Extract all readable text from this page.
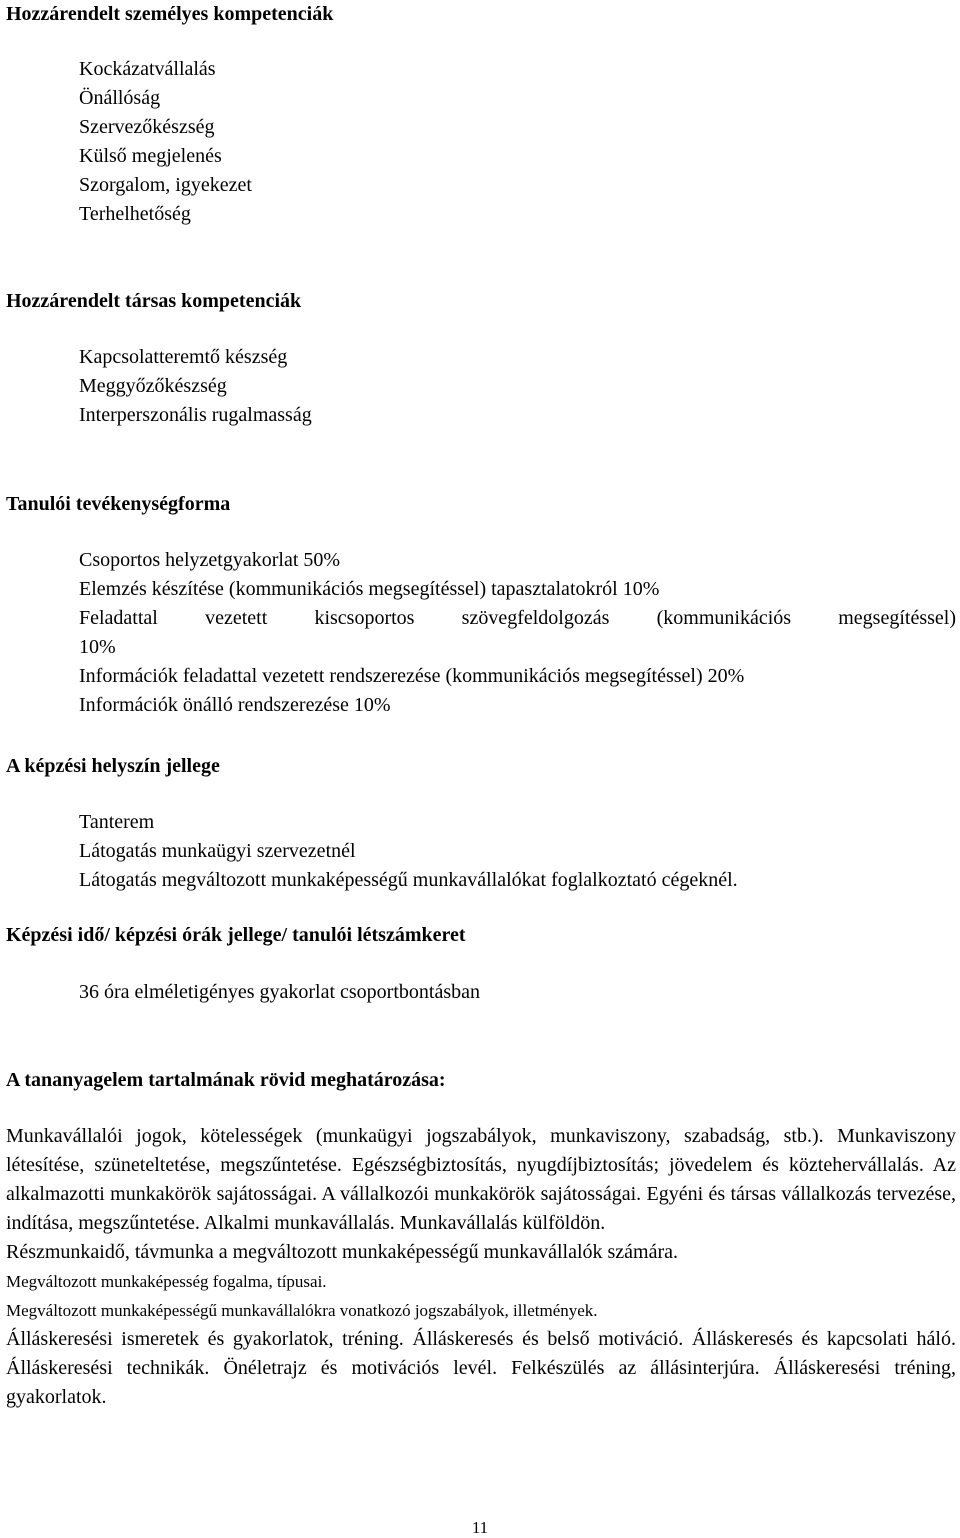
Hozzárendelt személyes kompetenciák
Kockázatvállalás
Önállóság
Szervezőkészség
Külső megjelenés
Szorgalom, igyekezet
Terhelhetőség
Hozzárendelt társas kompetenciák
Kapcsolatteremtő készség
Meggyőzőkészség
Interperszonális rugalmasság
Tanulói tevékenységforma
Csoportos helyzetgyakorlat 50%
Elemzés készítése (kommunikációs megsegítéssel) tapasztalatokról 10%
Feladattal vezetett kiscsoportos szövegfeldolgozás (kommunikációs megsegítéssel)
10%
Információk feladattal vezetett rendszerezése (kommunikációs megsegítéssel) 20%
Információk önálló rendszerezése 10%
A képzési helyszín jellege
Tanterem
Látogatás munkaügyi szervezetnél
Látogatás megváltozott munkaképességű munkavállalókat foglalkoztató cégeknél.
Képzési idő/ képzési órák jellege/ tanulói létszámkeret
36 óra elméletigényes gyakorlat csoportbontásban
A tananyagelem tartalmának rövid meghatározása:

Munkavállalói jogok, kötelességek (munkaügyi jogszabályok, munkaviszony, szabadság, stb.). Munkaviszony létesítése, szüneteltetése, megszűntetése. Egészségbiztosítás, nyugdíjbiztosítás; jövedelem és köztehervállalás. Az alkalmazotti munkakörök sajátosságai. A vállalkozói munkakörök sajátosságai. Egyéni és társas vállalkozás tervezése, indítása, megszűntetése. Alkalmi munkavállalás. Munkavállalás külföldön.

Részmunkaidő, távmunka a megváltozott munkaképességű munkavállalók számára.

Megváltozott munkaképesség fogalma, típusai.

Megváltozott munkaképességű munkavállalókra vonatkozó jogszabályok, illetmények.

Álláskeresési ismeretek és gyakorlatok, tréning. Álláskeresés és belső motiváció. Álláskeresés és kapcsolati háló. Álláskeresési technikák. Önéletrajz és motivációs levél. Felkészülés az állásinterjúra. Álláskeresési tréning, gyakorlatok.

11
